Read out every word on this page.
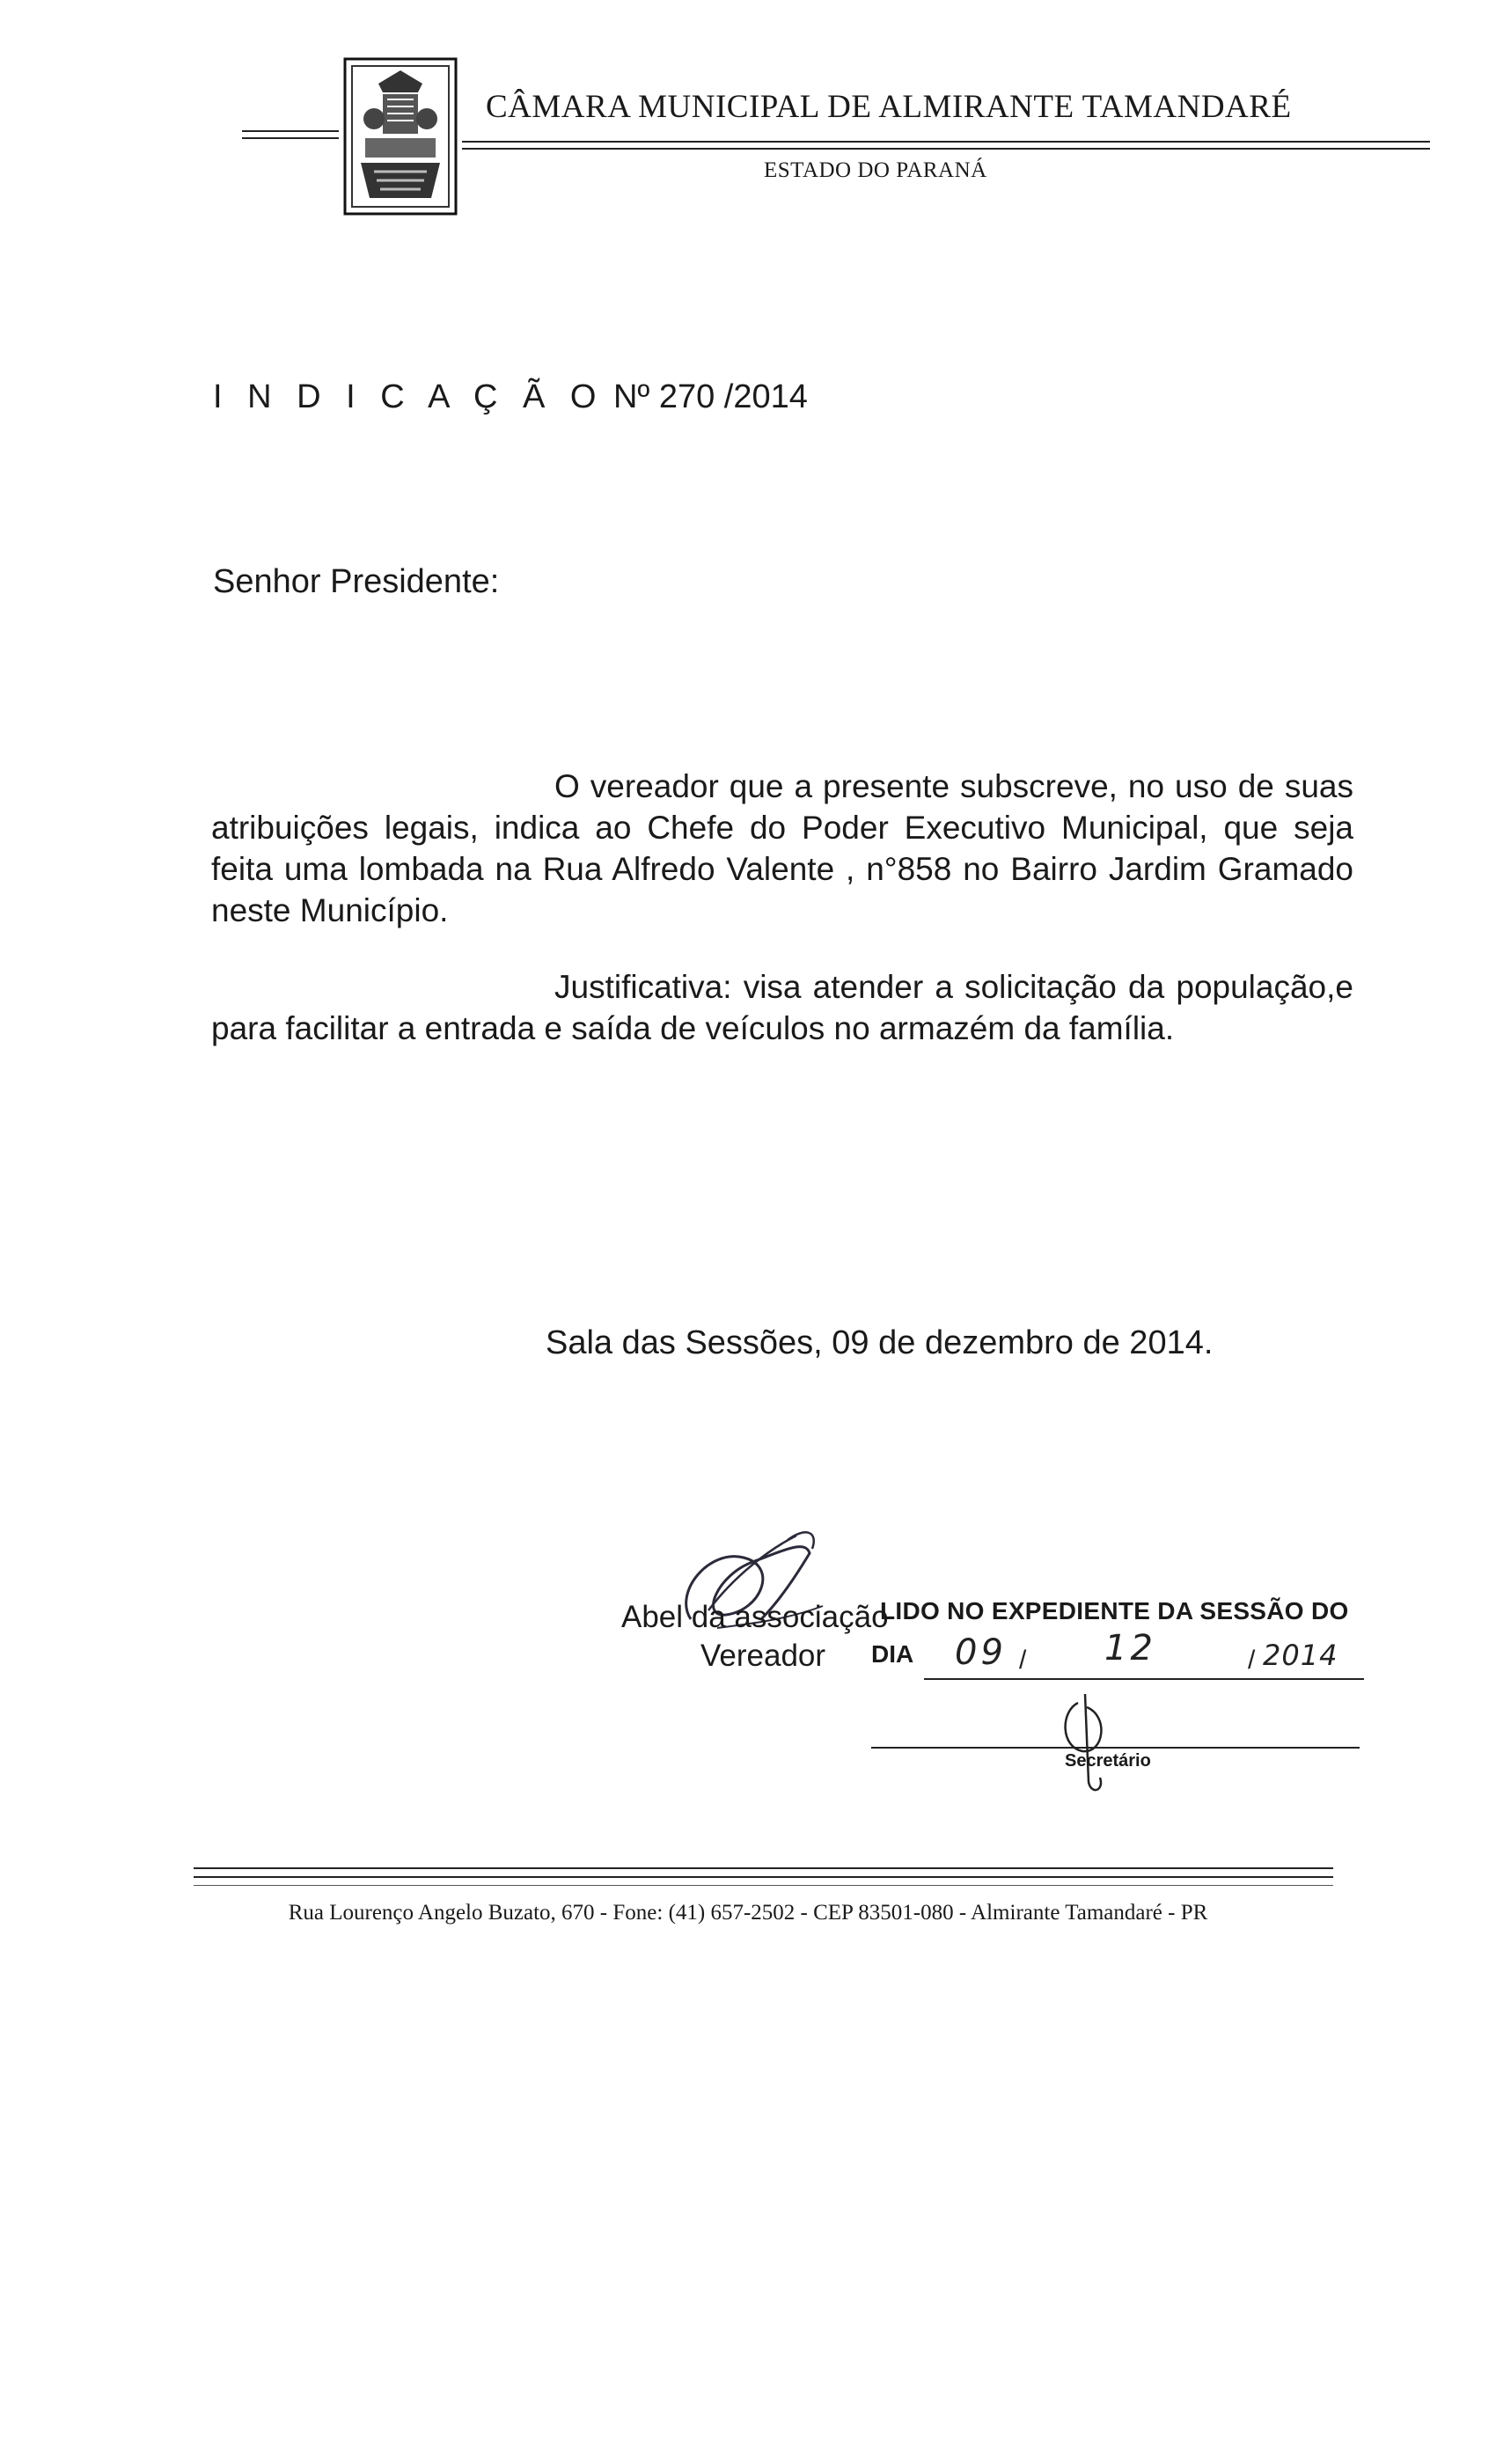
CÂMARA MUNICIPAL DE ALMIRANTE TAMANDARÉ
ESTADO DO PARANÁ
I N D I C A Ç Ã O Nº 270 /2014
Senhor Presidente:
O vereador que a presente subscreve, no uso de suas atribuições legais, indica ao Chefe do Poder Executivo Municipal, que seja feita uma lombada na Rua Alfredo Valente , n°858 no Bairro Jardim Gramado neste Município.
Justificativa: visa atender a solicitação da população,e para facilitar a entrada e saída de veículos no armazém da família.
Sala das Sessões, 09 de dezembro de 2014.
Abel da associação
Vereador
LIDO NO EXPEDIENTE DA SESSÃO DO
DIA 09 / 12	/ 2014
Secretário
Rua Lourenço Angelo Buzato, 670 - Fone: (41) 657-2502 - CEP 83501-080 - Almirante Tamandaré - PR
